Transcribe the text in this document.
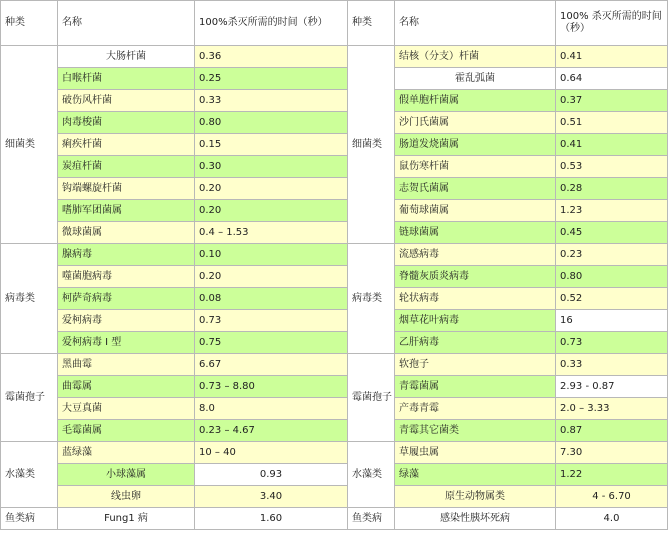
种类	名称	100%杀灭所需的时间（秒）	种类	名称	100% 杀灭所需的时间（秒）
细菌类	大肠杆菌	0.36	细菌类	结核（分支）杆菌	0.41
	白喉杆菌	0.25		霍乱弧菌	0.64
	破伤风杆菌	0.33		假单胞杆菌属	0.37
	肉毒梭菌	0.80		沙门氏菌属	0.51
	痢疾杆菌	0.15		肠道发烧菌属	0.41
	炭疽杆菌	0.30		鼠伤寒杆菌	0.53
	钩端螺旋杆菌	0.20		志贺氏菌属	0.28
	嗜肺军团菌属	0.20		葡萄球菌属	1.23
	微球菌属	0.4 – 1.53		链球菌属	0.45
病毒类	腺病毒	0.10	病毒类	流感病毒	0.23
	噬菌胞病毒	0.20		脊髓灰质炎病毒	0.80
	柯萨奇病毒	0.08		轮状病毒	0.52
	爱柯病毒	0.73		烟草花叶病毒	16
	爱柯病毒 I 型	0.75		乙肝病毒	0.73
霉菌孢子	黑曲霉	6.67	霉菌孢子	软孢子	0.33
	曲霉属	0.73 – 8.80		青霉菌属	2.93 - 0.87
	大豆真菌	8.0		产毒青霉	2.0 – 3.33
	毛霉菌属	0.23 – 4.67		青霉其它菌类	0.87
水藻类	蓝绿藻	10 – 40	水藻类	草履虫属	7.30
	小球藻属	0.93		绿藻	1.22
	线虫卵	3.40		原生动物属类	4 - 6.70
鱼类病	Fung1 病	1.60	鱼类病	感染性胰坏死病	4.0
